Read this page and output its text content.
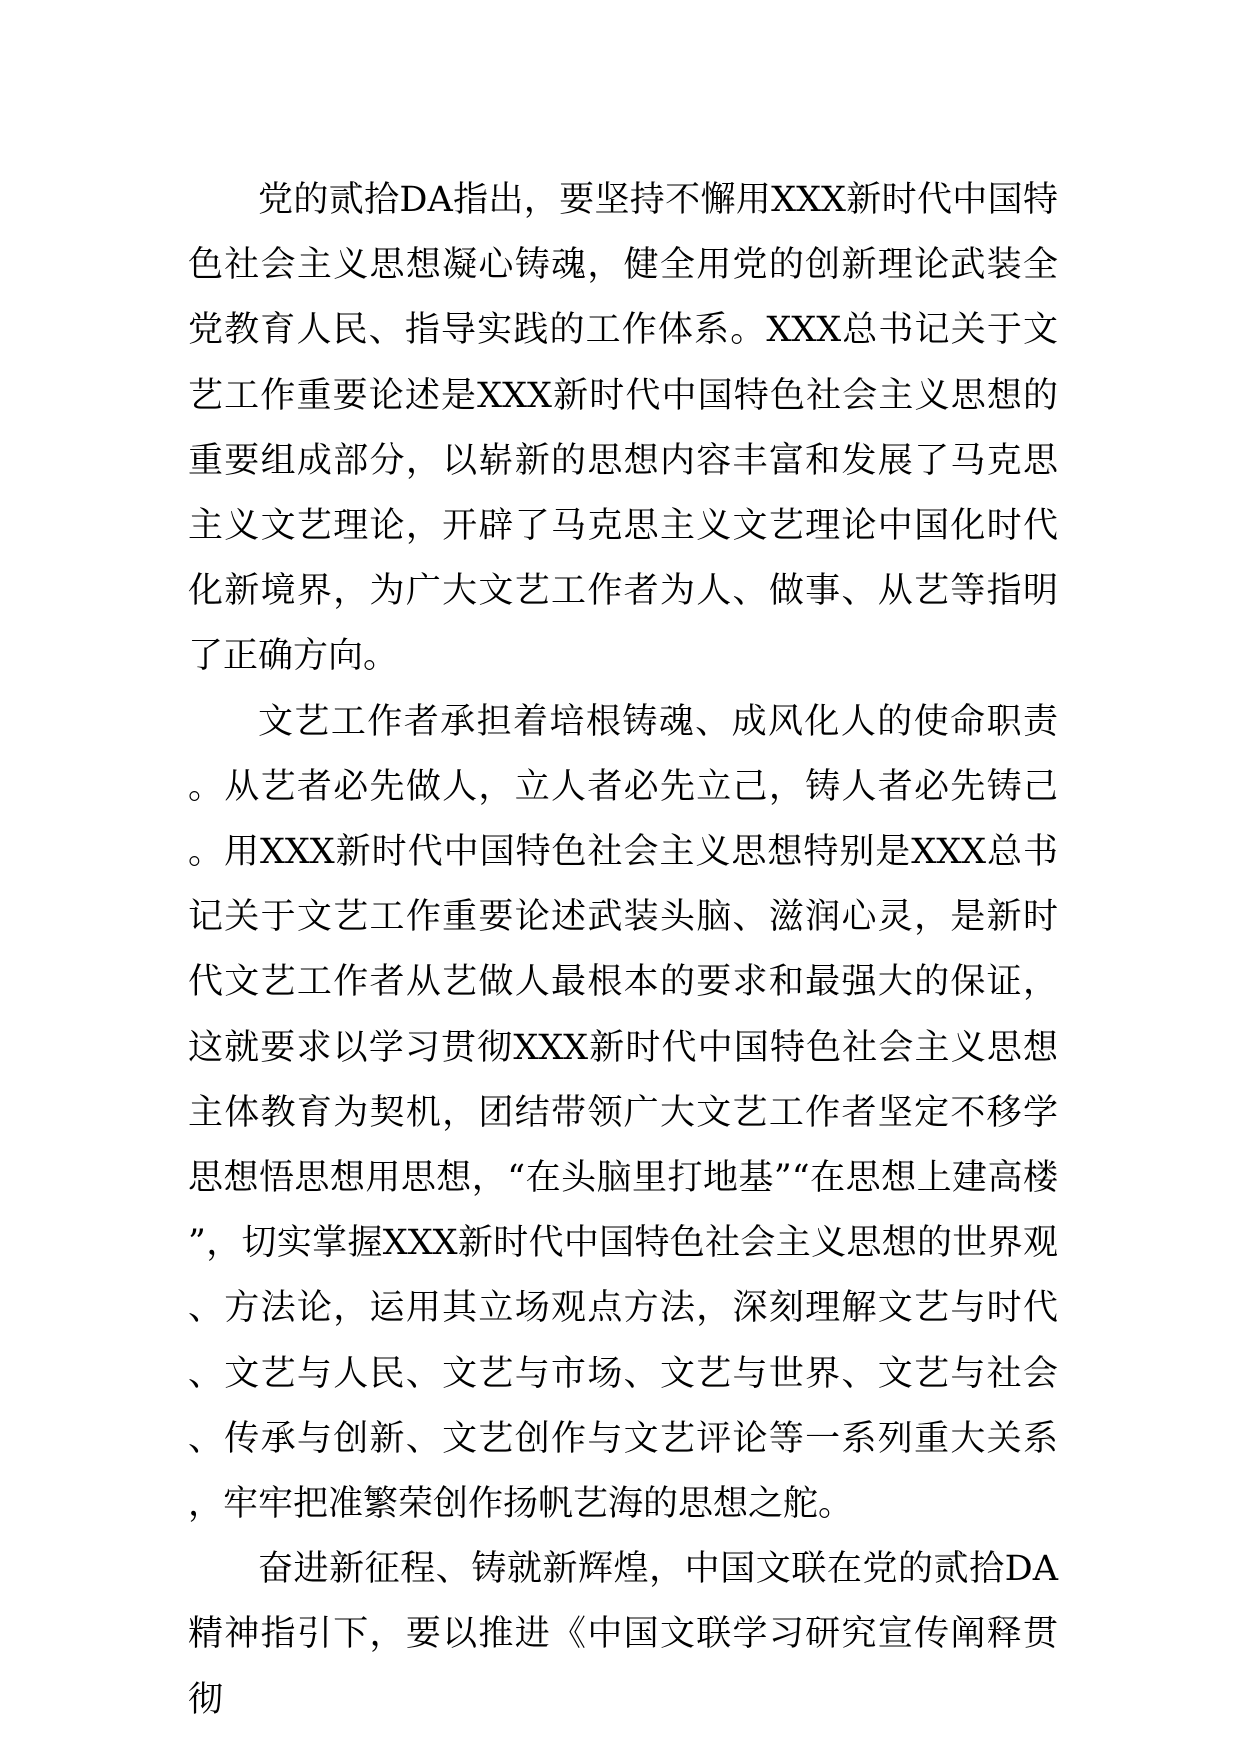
党的贰拾DA指出，要坚持不懈用XXX新时代中国特色社会主义思想凝心铸魂，健全用党的创新理论武装全党教育人民、指导实践的工作体系。XXX总书记关于文艺工作重要论述是XXX新时代中国特色社会主义思想的重要组成部分，以崭新的思想内容丰富和发展了马克思主义文艺理论，开辟了马克思主义文艺理论中国化时代化新境界，为广大文艺工作者为人、做事、从艺等指明了正确方向。

文艺工作者承担着培根铸魂、成风化人的使命职责。从艺者必先做人，立人者必先立己，铸人者必先铸己。用XXX新时代中国特色社会主义思想特别是XXX总书记关于文艺工作重要论述武装头脑、滋润心灵，是新时代文艺工作者从艺做人最根本的要求和最强大的保证，这就要求以学习贯彻XXX新时代中国特色社会主义思想主体教育为契机，团结带领广大文艺工作者坚定不移学思想悟思想用思想，“在头脑里打地基”“在思想上建高楼”，切实掌握XXX新时代中国特色社会主义思想的世界观、方法论，运用其立场观点方法，深刻理解文艺与时代、文艺与人民、文艺与市场、文艺与世界、文艺与社会、传承与创新、文艺创作与文艺评论等一系列重大关系，牢牢把准繁荣创作扬帆艺海的思想之舵。

奋进新征程、铸就新辉煌，中国文联在党的贰拾DA精神指引下，要以推进《中国文联学习研究宣传阐释贯彻
